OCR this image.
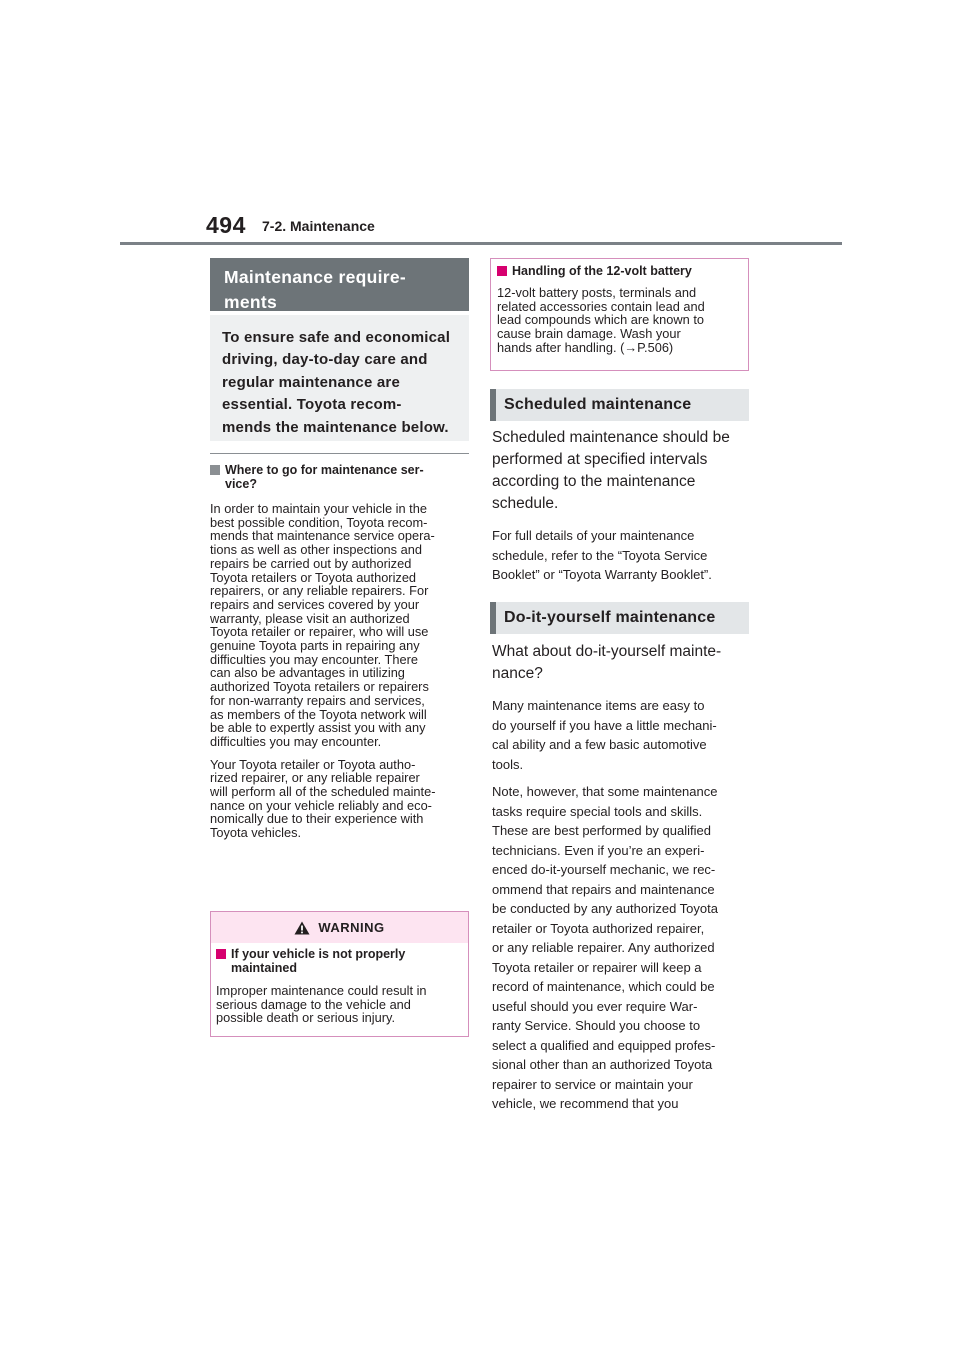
494 7-2. Maintenance
Maintenance require-
ments

To ensure safe and economical

driving, day-to-day care and

regular maintenance are

essential. Toyota recom-

mends the maintenance below.

Where to go for maintenance ser-
vice?

In order to maintain your vehicle in the

best possible condition, Toyota recom-

mends that maintenance service opera-

tions as well as other inspections and

repairs be carried out by authorized

Toyota retailers or Toyota authorized

repairers, or any reliable repairers. For

repairs and services covered by your

warranty, please visit an authorized

Toyota retailer or repairer, who will use

genuine Toyota parts in repairing any

difficulties you may encounter. There

can also be advantages in utilizing

authorized Toyota retailers or repairers

for non-warranty repairs and services,

as members of the Toyota network will

be able to expertly assist you with any

difficulties you may encounter.

Your Toyota retailer or Toyota autho-

rized repairer, or any reliable repairer

will perform all of the scheduled mainte-

nance on your vehicle reliably and eco-

nomically due to their experience with

Toyota vehicles.

WARNING
If your vehicle is not properly
maintained

Improper maintenance could result in

serious damage to the vehicle and

possible death or serious injury.

Handling of the 12-volt battery

12-volt battery posts, terminals and

related accessories contain lead and

lead compounds which are known to

cause brain damage. Wash your

hands after handling. (→P.506)

Scheduled maintenance

Scheduled maintenance should be

performed at specified intervals

according to the maintenance

schedule.

For full details of your maintenance

schedule, refer to the “Toyota Service

Booklet” or “Toyota Warranty Booklet”.

Do-it-yourself maintenance

What about do-it-yourself mainte-

nance?

Many maintenance items are easy to

do yourself if you have a little mechani-

cal ability and a few basic automotive

tools.

Note, however, that some maintenance

tasks require special tools and skills.

These are best performed by qualified

technicians. Even if you’re an experi-

enced do-it-yourself mechanic, we rec-

ommend that repairs and maintenance

be conducted by any authorized Toyota

retailer or Toyota authorized repairer,

or any reliable repairer. Any authorized

Toyota retailer or repairer will keep a

record of maintenance, which could be

useful should you ever require War-

ranty Service. Should you choose to

select a qualified and equipped profes-

sional other than an authorized Toyota

repairer to service or maintain your

vehicle, we recommend that you
